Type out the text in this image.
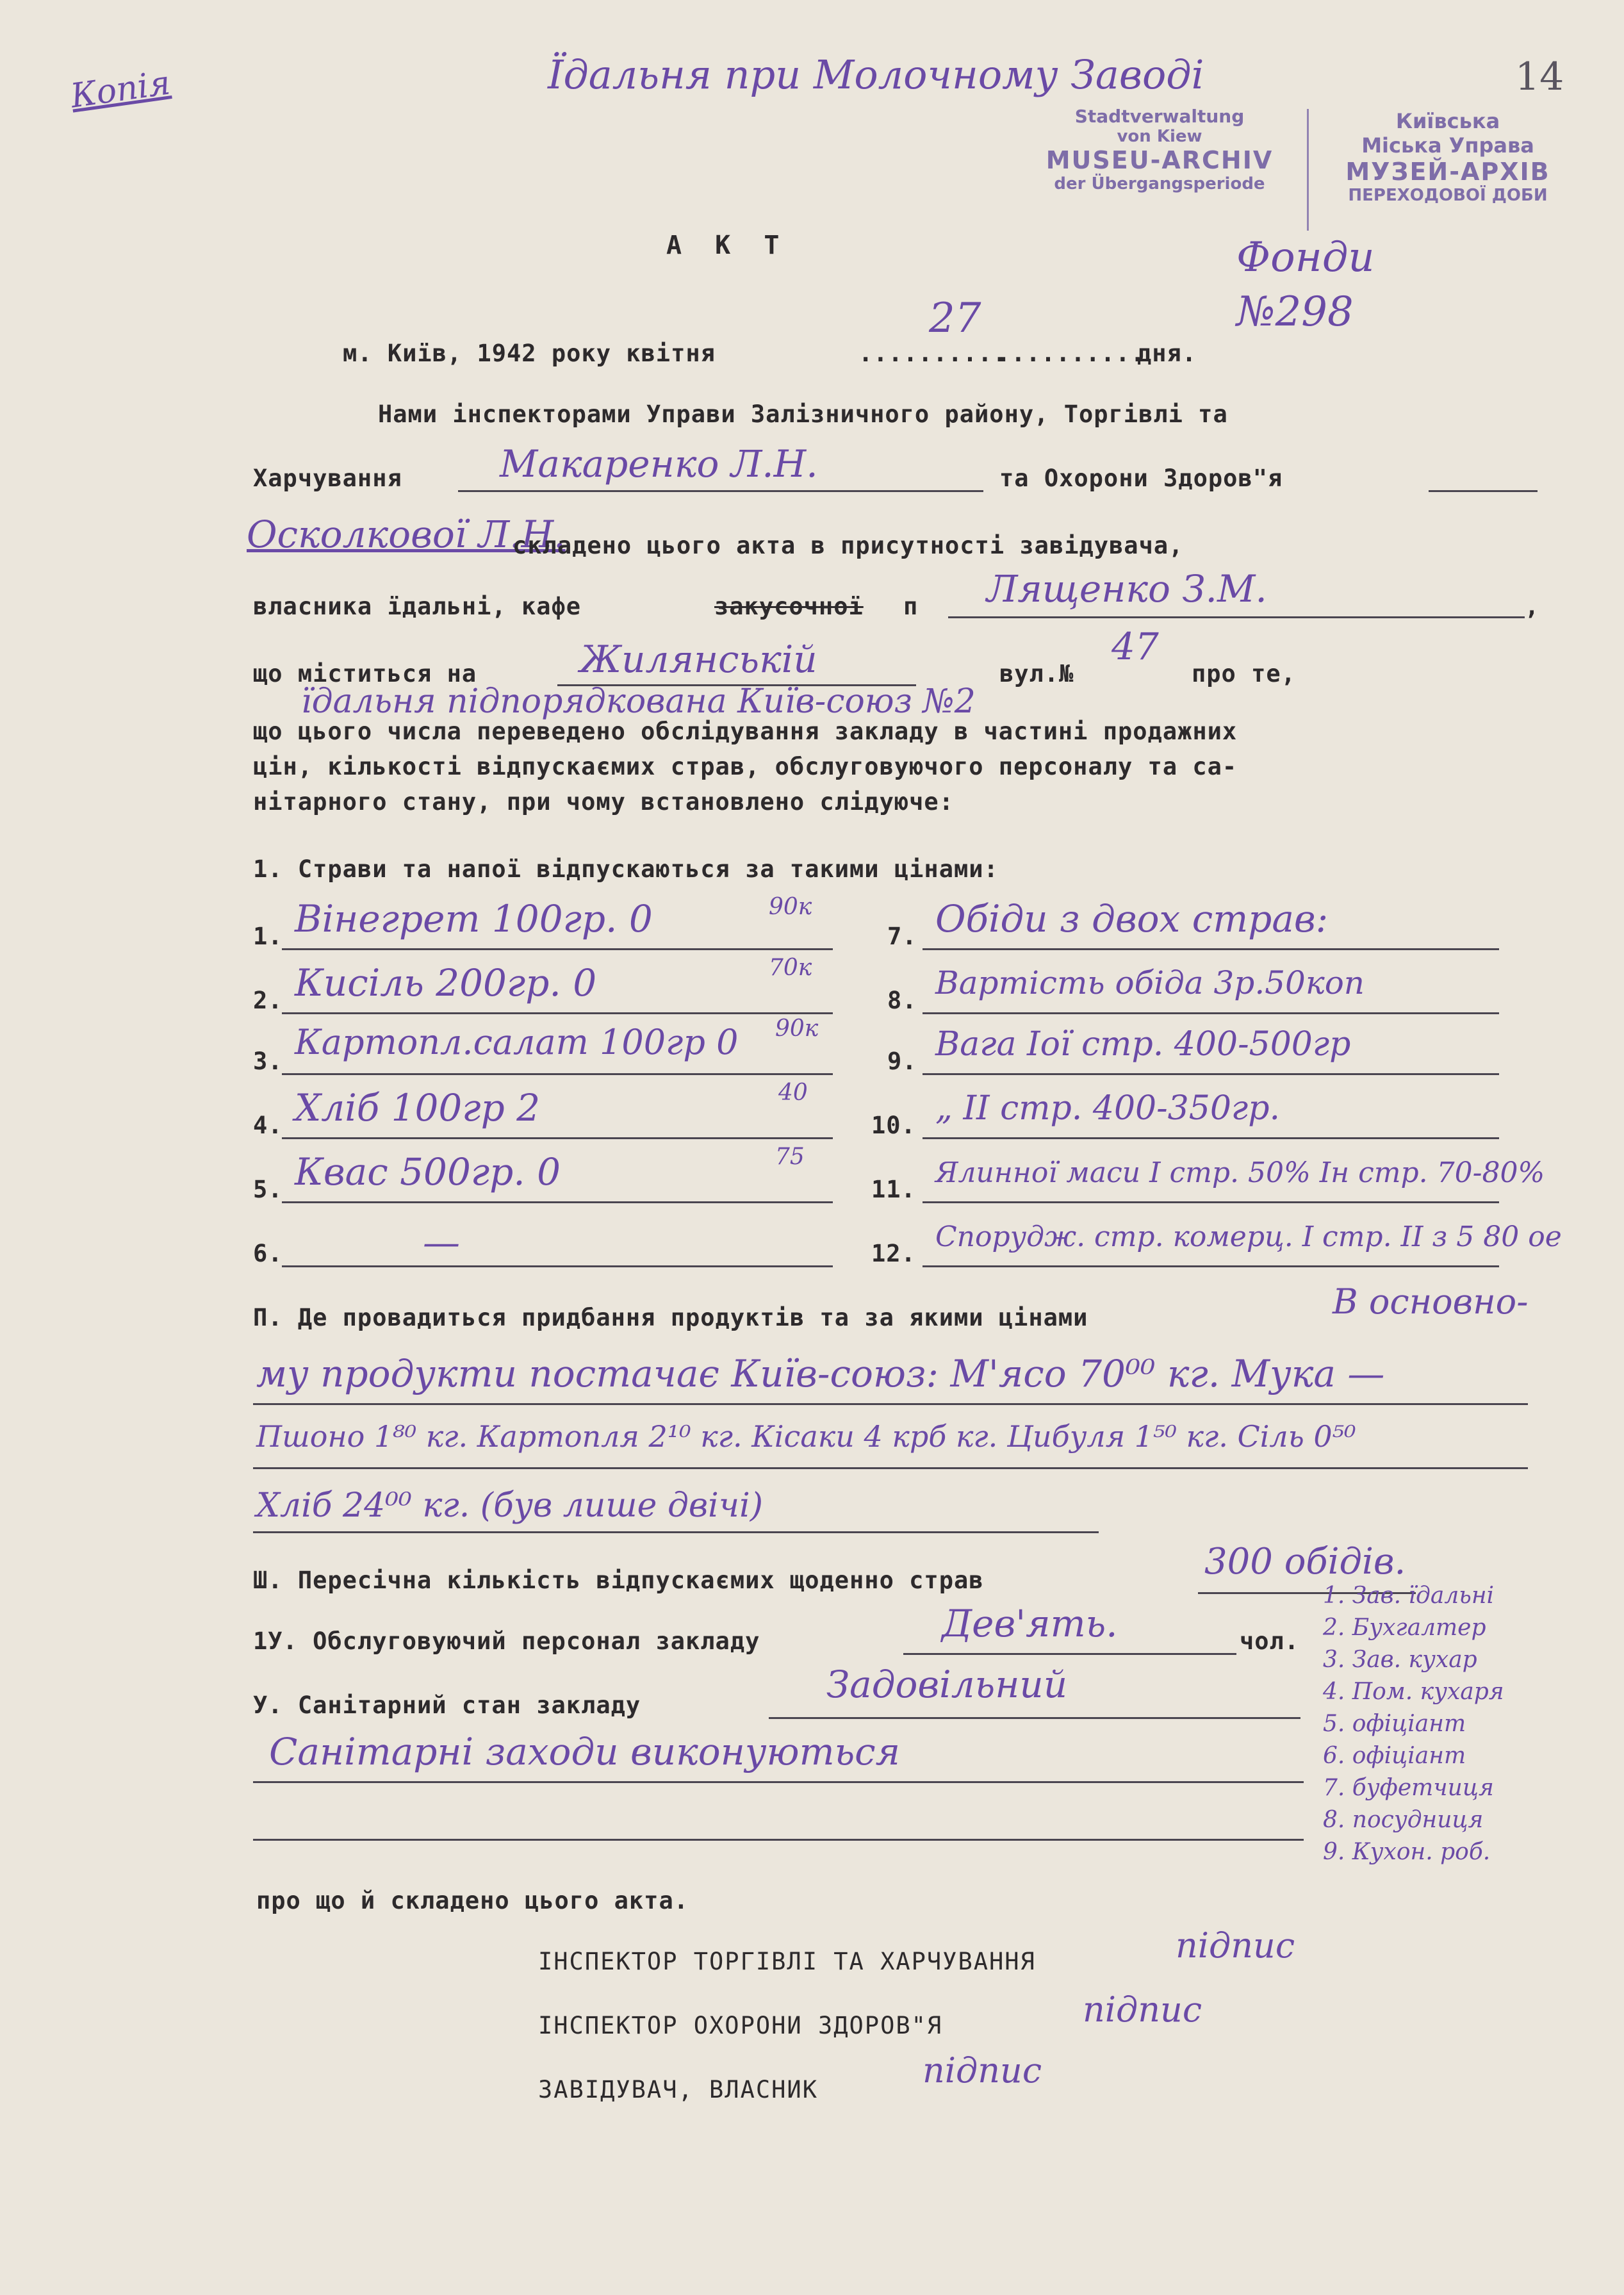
Копія	Їдальня при Молочному Заводі	14
Stadtverwaltung
von Kiew
MUSEU-ARCHIV
der Übergangsperiode
Київська
Міська Управа
МУЗЕЙ-АРХІВ
ПЕРЕХОДОВОЇ ДОБИ
Фонди
№298
А К Т
м. Київ, 1942 року квітня	..........
27
..........
дня.
Нами інспекторами Управи Залізничного району, Торгівлі та
Харчування	Макаренко Л.Н.	та Охорони Здоров"я
Осколкової Л.Н.
складено цього акта в присутності завідувача,
власника їдальні, кафе	закусочної п Лященко З.М.	,
що міститься на	Жилянській	вул.№
47
про те,
їдальня підпорядкована Київ-союз №2
що цього числа переведено обслідування закладу в частині продажних
цін, кількості відпускаємих страв, обслуговуючого персоналу та са-
нітарного стану, при чому встановлено слідуюче:
1. Страви та напої відпускаються за такими цінами:
1. Вінегрет 100гр. 0	90к
2. Кисіль 200гр. 0	70к
3. Картопл.салат 100гр 0 90к
4. Хліб 100гр 2	40
5. Квас 500гр. 0	75
6.	—
7. Обіди з двох страв:
8. Вартість обіда 3р.50коп
9. Вага Iої стр. 400-500гр
10. „ II стр. 400-350гр.
11.
Ялинної маси І стр. 50% Ін стр. 70-80%
12.
Спорудж. стр. комерц. І стр. II з 5 80 ое
П. Де провадиться придбання продуктів та за якими цінами	В основно-
му продукти постачає Київ-союз: М'ясо 70⁰⁰ кг. Мука —
Пшоно 1⁸⁰ кг. Картопля 2¹⁰ кг. Кісаки 4 крб кг. Цибуля 1⁵⁰ кг. Сіль 0⁵⁰
Хліб 24⁰⁰ кг. (був лише двічі)
Ш. Пересічна кількість відпускаємих щоденно страв	300 обідів.
1У. Обслуговуючий персонал закладу	Дев'ять.	чол.
1. Зав. їдальні
2. Бухгалтер
3. Зав. кухар
4. Пом. кухаря
5. офіціант
6. офіціант
7. буфетчиця
8. посудниця
9. Кухон. роб.
У. Санітарний стан закладу	Задовільний
Санітарні заходи виконуються
про що й складено цього акта.
ІНСПЕКТОР ТОРГІВЛІ ТА ХАРЧУВАННЯ	підпис
ІНСПЕКТОР ОХОРОНИ ЗДОРОВ"Я	підпис
ЗАВІДУВАЧ, ВЛАСНИК	підпис
